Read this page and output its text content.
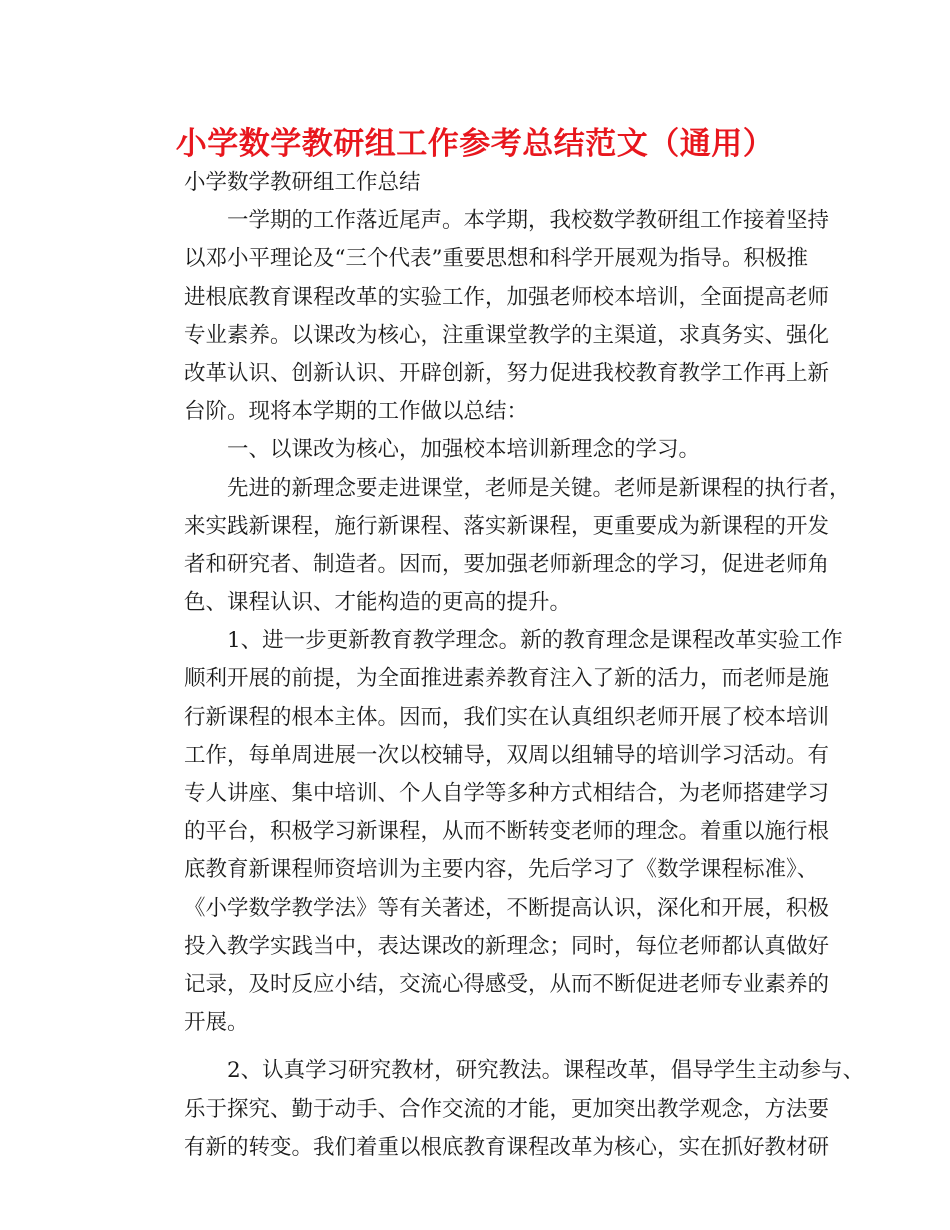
小学数学教研组工作参考总结范文（通用）
小学数学教研组工作总结
一学期的工作落近尾声。本学期，我校数学教研组工作接着坚持
以邓小平理论及“三个代表”重要思想和科学开展观为指导。积极推
进根底教育课程改革的实验工作，加强老师校本培训，全面提高老师
专业素养。以课改为核心，注重课堂教学的主渠道，求真务实、强化
改革认识、创新认识、开辟创新，努力促进我校教育教学工作再上新
台阶。现将本学期的工作做以总结：
一、以课改为核心，加强校本培训新理念的学习。
先进的新理念要走进课堂，老师是关键。老师是新课程的执行者，
来实践新课程，施行新课程、落实新课程，更重要成为新课程的开发
者和研究者、制造者。因而，要加强老师新理念的学习，促进老师角
色、课程认识、才能构造的更高的提升。
1、进一步更新教育教学理念。新的教育理念是课程改革实验工作
顺利开展的前提，为全面推进素养教育注入了新的活力，而老师是施
行新课程的根本主体。因而，我们实在认真组织老师开展了校本培训
工作，每单周进展一次以校辅导，双周以组辅导的培训学习活动。有
专人讲座、集中培训、个人自学等多种方式相结合，为老师搭建学习
的平台，积极学习新课程，从而不断转变老师的理念。着重以施行根
底教育新课程师资培训为主要内容，先后学习了《数学课程标准》、
《小学数学教学法》等有关著述，不断提高认识，深化和开展，积极
投入教学实践当中，表达课改的新理念；同时，每位老师都认真做好
记录，及时反应小结，交流心得感受，从而不断促进老师专业素养的
开展。
2、认真学习研究教材，研究教法。课程改革，倡导学生主动参与、
乐于探究、勤于动手、合作交流的才能，更加突出教学观念，方法要
有新的转变。我们着重以根底教育课程改革为核心，实在抓好教材研
